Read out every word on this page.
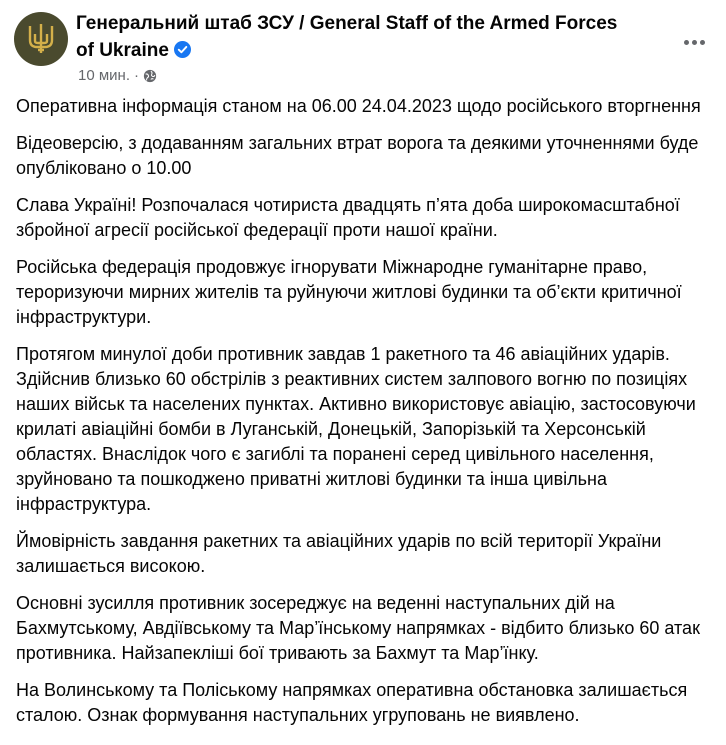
Генеральний штаб ЗСУ / General Staff of the Armed Forces of Ukraine
10 мин. ·

Оперативна інформація станом на 06.00 24.04.2023 щодо російського вторгнення

Відеоверсію, з додаванням загальних втрат ворога та деякими уточненнями буде опубліковано о 10.00

Слава Україні! Розпочалася чотириста двадцять п’ята доба широкомасштабної збройної агресії російської федерації проти нашої країни.

Російська федерація продовжує ігнорувати Міжнародне гуманітарне право, тероризуючи мирних жителів та руйнуючи житлові будинки та об’єкти критичної інфраструктури.

Протягом минулої доби противник завдав 1 ракетного та 46 авіаційних ударів. Здійснив близько 60 обстрілів з реактивних систем залпового вогню по позиціях наших військ та населених пунктах. Активно використовує авіацію, застосовуючи крилаті авіаційні бомби в Луганській, Донецькій, Запорізькій та Херсонській областях. Внаслідок чого є загиблі та поранені серед цивільного населення, зруйновано та пошкоджено приватні житлові будинки та інша цивільна інфраструктура.

Ймовірність завдання ракетних та авіаційних ударів по всій території України залишається високою.

Основні зусилля противник зосереджує на веденні наступальних дій на Бахмутському, Авдіївському та Мар’їнському напрямках - відбито близько 60 атак противника. Найзапекліші бої тривають за Бахмут та Мар’їнку.

На Волинському та Поліському напрямках оперативна обстановка залишається сталою. Ознак формування наступальних угруповань не виявлено.
